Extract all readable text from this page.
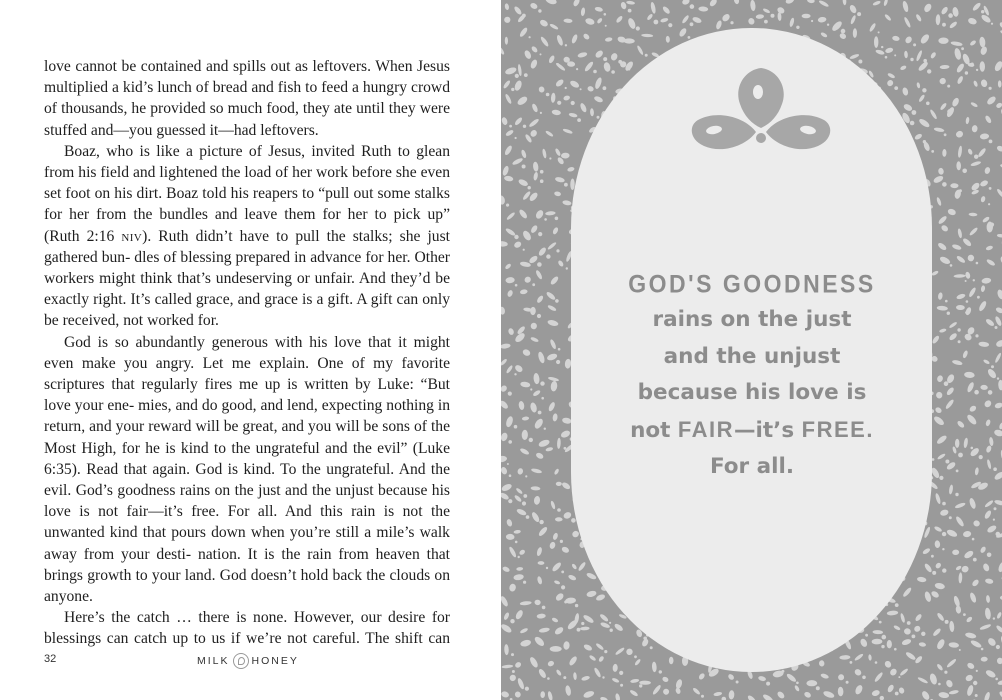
love cannot be contained and spills out as leftovers. When Jesus multiplied a kid’s lunch of bread and fish to feed a hungry crowd of thousands, he provided so much food, they ate until they were stuffed and—you guessed it—had leftovers.

Boaz, who is like a picture of Jesus, invited Ruth to glean from his field and lightened the load of her work before she even set foot on his dirt. Boaz told his reapers to “pull out some stalks for her from the bundles and leave them for her to pick up” (Ruth 2:16 niv). Ruth didn’t have to pull the stalks; she just gathered bun- dles of blessing prepared in advance for her. Other workers might think that’s undeserving or unfair. And they’d be exactly right. It’s called grace, and grace is a gift. A gift can only be received, not worked for.

God is so abundantly generous with his love that it might even make you angry. Let me explain. One of my favorite scriptures that regularly fires me up is written by Luke: “But love your ene- mies, and do good, and lend, expecting nothing in return, and your reward will be great, and you will be sons of the Most High, for he is kind to the ungrateful and the evil” (Luke 6:35). Read that again. God is kind. To the ungrateful. And the evil. God’s goodness rains on the just and the unjust because his love is not fair—it’s free. For all. And this rain is not the unwanted kind that pours down when you’re still a mile’s walk away from your desti- nation. It is the rain from heaven that brings growth to your land. God doesn’t hold back the clouds on anyone.

Here’s the catch … there is none. However, our desire for blessings can catch up to us if we’re not careful. The shift can

32	MILK HONEY
GOD'S GOODNESS
rains on the just
and the unjust
because his love is
not FAIR—it’s FREE.
For all.
